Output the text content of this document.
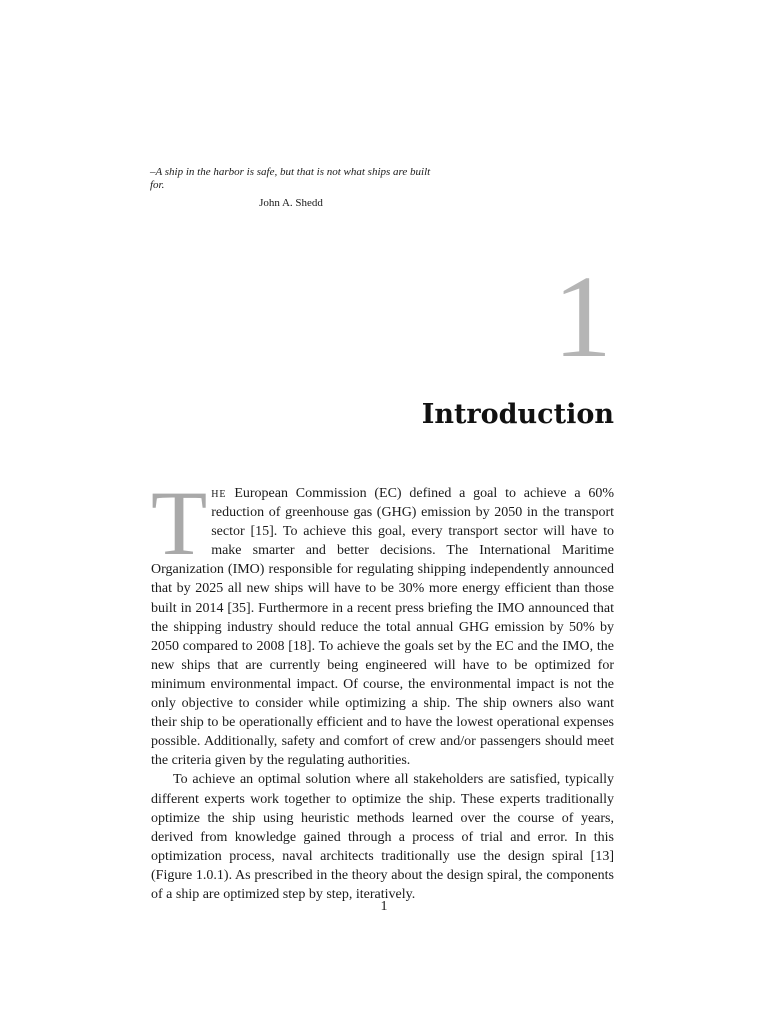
–A ship in the harbor is safe, but that is not what ships are built for.

John A. Shedd
1
Introduction

The European Commission (EC) defined a goal to achieve a 60% reduction of greenhouse gas (GHG) emission by 2050 in the transport sector [15]. To achieve this goal, every transport sector will have to make smarter and better decisions. The International Maritime Organization (IMO) responsible for regulating shipping independently announced that by 2025 all new ships will have to be 30% more energy efficient than those built in 2014 [35]. Furthermore in a recent press briefing the IMO announced that the shipping industry should reduce the total annual GHG emission by 50% by 2050 compared to 2008 [18]. To achieve the goals set by the EC and the IMO, the new ships that are currently being engineered will have to be optimized for minimum environmental impact. Of course, the environmental impact is not the only objective to consider while optimizing a ship. The ship owners also want their ship to be operationally efficient and to have the lowest operational expenses possible. Additionally, safety and comfort of crew and/or passengers should meet the criteria given by the regulating authorities.

To achieve an optimal solution where all stakeholders are satisfied, typically different experts work together to optimize the ship. These experts traditionally optimize the ship using heuristic methods learned over the course of years, derived from knowledge gained through a process of trial and error. In this optimization process, naval architects traditionally use the design spiral [13] (Figure 1.0.1). As prescribed in the theory about the design spiral, the components of a ship are optimized step by step, iteratively.

1
